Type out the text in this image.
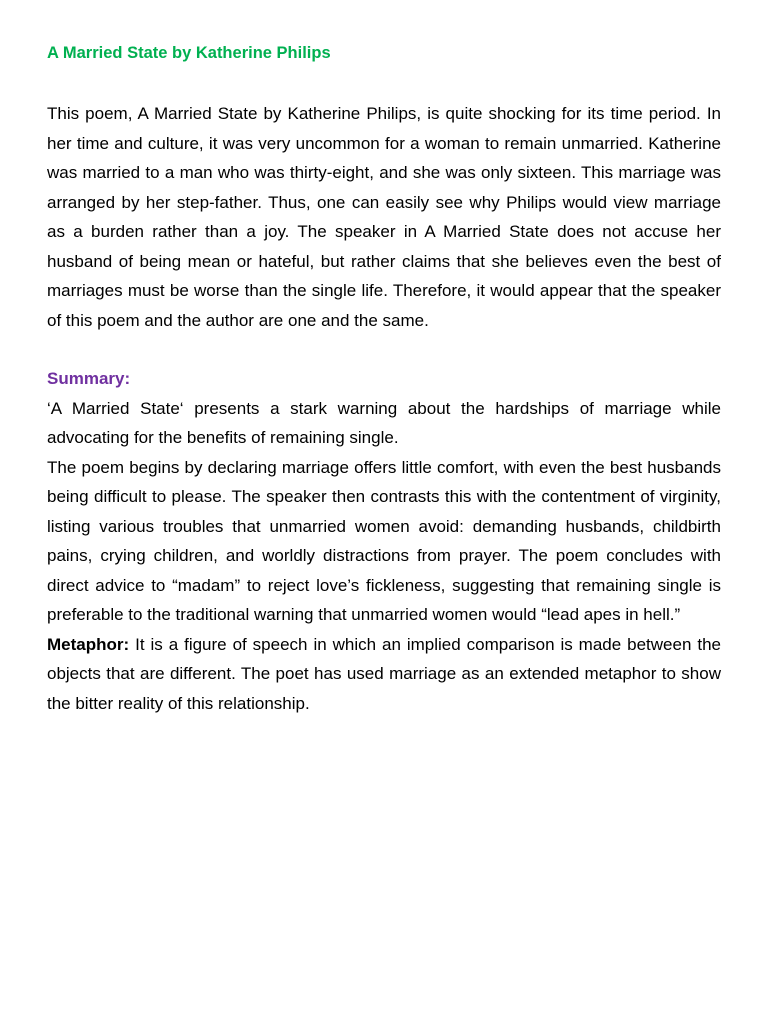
A Married State by Katherine Philips

This poem, A Married State by Katherine Philips, is quite shocking for its time period. In her time and culture, it was very uncommon for a woman to remain unmarried. Katherine was married to a man who was thirty-eight, and she was only sixteen. This marriage was arranged by her step-father. Thus, one can easily see why Philips would view marriage as a burden rather than a joy. The speaker in A Married State does not accuse her husband of being mean or hateful, but rather claims that she believes even the best of marriages must be worse than the single life. Therefore, it would appear that the speaker of this poem and the author are one and the same.

Summary:

‘A Married State‘ presents a stark warning about the hardships of marriage while advocating for the benefits of remaining single.

The poem begins by declaring marriage offers little comfort, with even the best husbands being difficult to please. The speaker then contrasts this with the contentment of virginity, listing various troubles that unmarried women avoid: demanding husbands, childbirth pains, crying children, and worldly distractions from prayer. The poem concludes with direct advice to “madam” to reject love’s fickleness, suggesting that remaining single is preferable to the traditional warning that unmarried women would “lead apes in hell.”

Metaphor: It is a figure of speech in which an implied comparison is made between the objects that are different. The poet has used marriage as an extended metaphor to show the bitter reality of this relationship.
